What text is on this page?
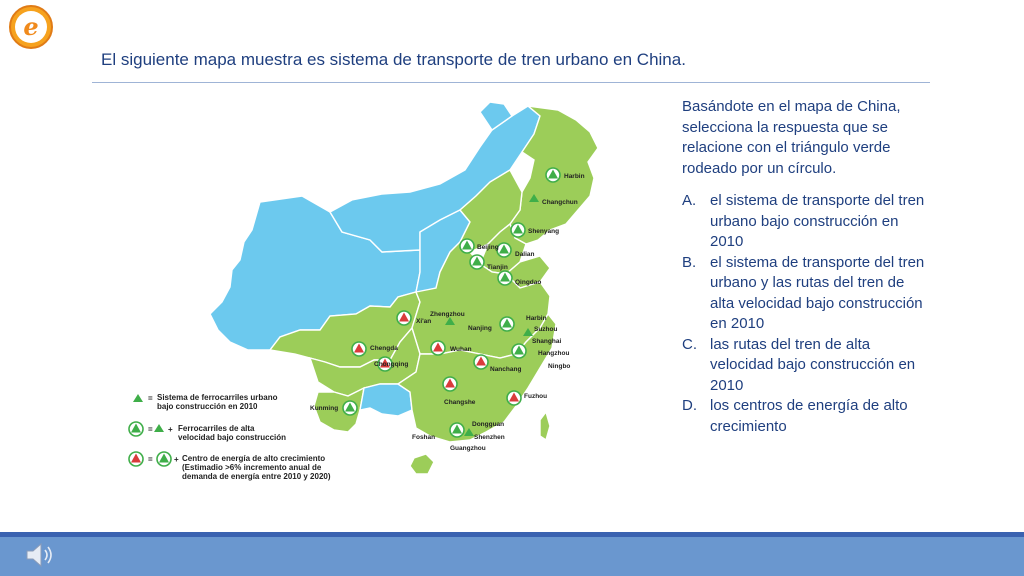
e
El siguiente mapa muestra es sistema de transporte de tren urbano en China.
Harbin
Changchun
Shenyang
Beijing
Dalian
Tianjin
Qingdao
Zhengzhou
Xi'an
Nanjing
Harbin
Suzhou
Shanghai
Hangzhou
Ningbo
Chengda	Wuhan
Chongqing
Nanchang
Changshe
Fuzhou
Kunming
Dongguan
Foshan	Shenzhen
Guangzhou
= Sistema de ferrocarriles urbano
bajo construcción en 2010
= + Ferrocarriles de alta
velocidad bajo construcción
=	+ Centro de energía de alto crecimiento
(Estimadio >6% incremento anual de
demanda de energía entre 2010 y 2020)

Basándote en el mapa de China, selecciona la respuesta que se relacione con el triángulo verde rodeado por un círculo.

A. el sistema de transporte del tren urbano bajo construcción en 2010
B. el sistema de transporte del tren urbano y las rutas del tren de alta velocidad bajo construcción en 2010
C. las rutas del tren de alta velocidad bajo construcción en 2010
D. los centros de energía de alto crecimiento
